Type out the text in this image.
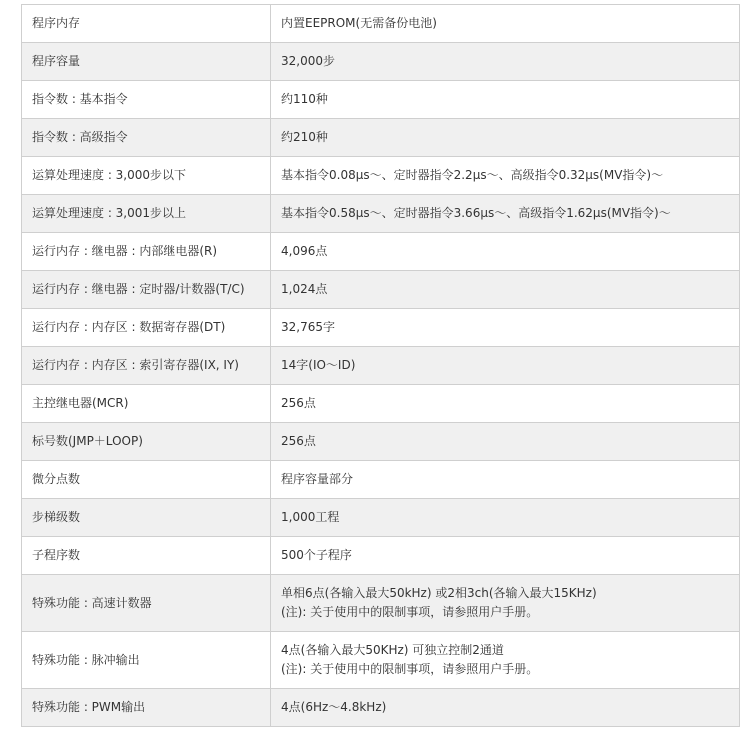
程序内存	内置EEPROM(无需备份电池)

程序容量	32,000步

指令数 : 基本指令	约110种

指令数 : 高级指令	约210种

运算处理速度 : 3,000步以下	基本指令0.08μs〜、定时器指令2.2μs〜、高级指令0.32μs(MV指令)〜

运算处理速度 : 3,001步以上	基本指令0.58μs〜、定时器指令3.66μs〜、高级指令1.62μs(MV指令)〜

运行内存 : 继电器 : 内部继电器(R)	4,096点

运行内存 : 继电器 : 定时器/计数器(T/C)	1,024点

运行内存 : 内存区 : 数据寄存器(DT)	32,765字

运行内存 : 内存区 : 索引寄存器(IX, IY)	14字(IO〜ID)

主控继电器(MCR)	256点

标号数(JMP＋LOOP)	256点

微分点数	程序容量部分

步梯级数	1,000工程

子程序数	500个子程序

特殊功能 : 高速计数器	单相6点(各输入最大50kHz) 或2相3ch(各输入最大15KHz)
(注): 关于使用中的限制事项，请参照用户手册。

特殊功能 : 脉冲输出	4点(各输入最大50KHz) 可独立控制2通道
(注): 关于使用中的限制事项，请参照用户手册。

特殊功能 : PWM输出	4点(6Hz〜4.8kHz)
